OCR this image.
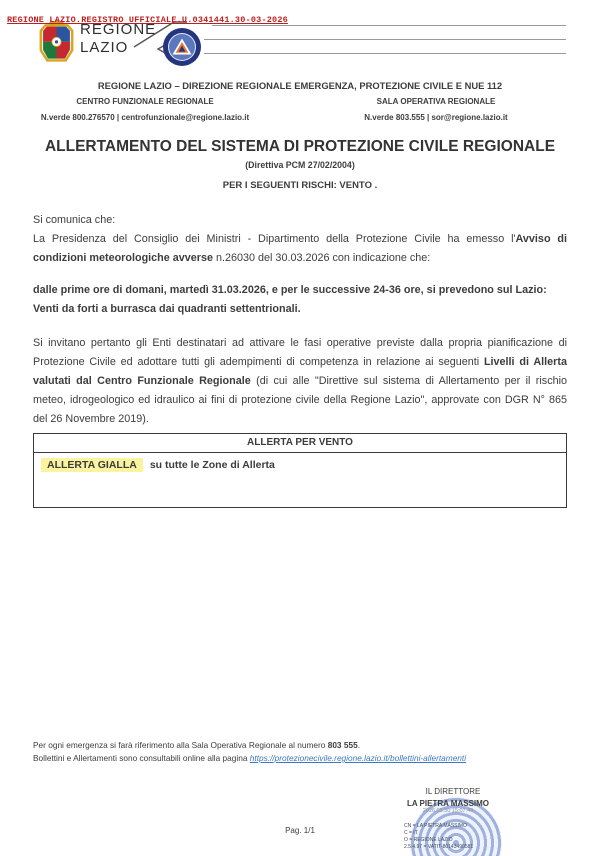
REGIONE LAZIO.REGISTRO UFFICIALE.U.0341441.30-03-2026
REGIONE
LAZIO
REGIONE LAZIO – DIREZIONE REGIONALE EMERGENZA, PROTEZIONE CIVILE E NUE 112
CENTRO FUNZIONALE REGIONALE
N.verde 800.276570 | centrofunzionale@regione.lazio.it
SALA OPERATIVA REGIONALE
N.verde 803.555 | sor@regione.lazio.it
ALLERTAMENTO DEL SISTEMA DI PROTEZIONE CIVILE REGIONALE
(Direttiva PCM 27/02/2004)
PER I SEGUENTI RISCHI: VENTO .
Si comunica che:
La Presidenza del Consiglio dei Ministri - Dipartimento della Protezione Civile ha emesso l'Avviso di condizioni meteorologiche avverse n.26030 del 30.03.2026 con indicazione che:
dalle prime ore di domani, martedì 31.03.2026, e per le successive 24-36 ore, si prevedono sul Lazio:
Venti da forti a burrasca dai quadranti settentrionali.
Si invitano pertanto gli Enti destinatari ad attivare le fasi operative previste dalla propria pianificazione di Protezione Civile ed adottare tutti gli adempimenti di competenza in relazione ai seguenti Livelli di Allerta valutati dal Centro Funzionale Regionale (di cui alle "Direttive sul sistema di Allertamento per il rischio meteo, idrogeologico ed idraulico ai fini di protezione civile della Regione Lazio", approvate con DGR N° 865 del 26 Novembre 2019).
ALLERTA PER VENTO
ALLERTA GIALLA su tutte le Zone di Allerta
Per ogni emergenza si farà riferimento alla Sala Operativa Regionale al numero 803 555.
Bollettini e Allertamenti sono consultabili online alla pagina https://protezionecivile.regione.lazio.it/bollettini-allertamenti
Pag. 1/1
IL DIRETTORE
LA PIETRA MASSIMO
2026.03.30 15:07:49
CN = LA PIETRA MASSIMO
C = IT
O = REGIONE LAZIO
2.5.4.97 = VATIT-80143490581
